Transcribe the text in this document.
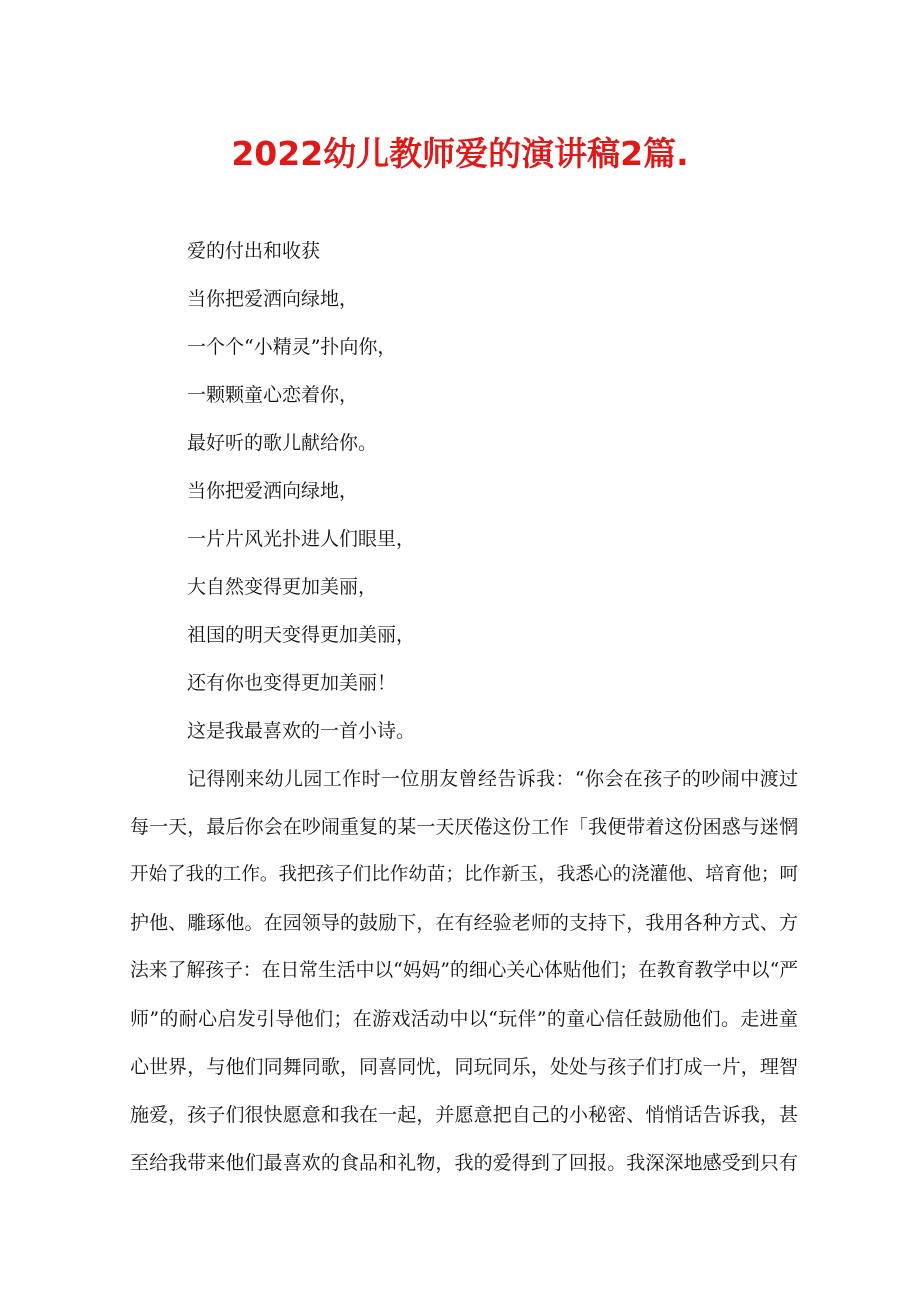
2022幼儿教师爱的演讲稿2篇.

爱的付出和收获

当你把爱洒向绿地，

一个个“小精灵”扑向你，

一颗颗童心恋着你，

最好听的歌儿献给你。

当你把爱洒向绿地，

一片片风光扑进人们眼里，

大自然变得更加美丽，

祖国的明天变得更加美丽，

还有你也变得更加美丽！

这是我最喜欢的一首小诗。

记得刚来幼儿园工作时一位朋友曾经告诉我：“你会在孩子的吵闹中渡过

每一天，最后你会在吵闹重复的某一天厌倦这份工作「我便带着这份困惑与迷惘

开始了我的工作。我把孩子们比作幼苗；比作新玉，我悉心的浇灌他、培育他；呵

护他、雕琢他。在园领导的鼓励下，在有经验老师的支持下，我用各种方式、方

法来了解孩子：在日常生活中以“妈妈”的细心关心体贴他们；在教育教学中以“严

师”的耐心启发引导他们；在游戏活动中以“玩伴”的童心信任鼓励他们。走进童

心世界，与他们同舞同歌，同喜同忧，同玩同乐，处处与孩子们打成一片，理智

施爱，孩子们很快愿意和我在一起，并愿意把自己的小秘密、悄悄话告诉我，甚

至给我带来他们最喜欢的食品和礼物，我的爱得到了回报。我深深地感受到只有
